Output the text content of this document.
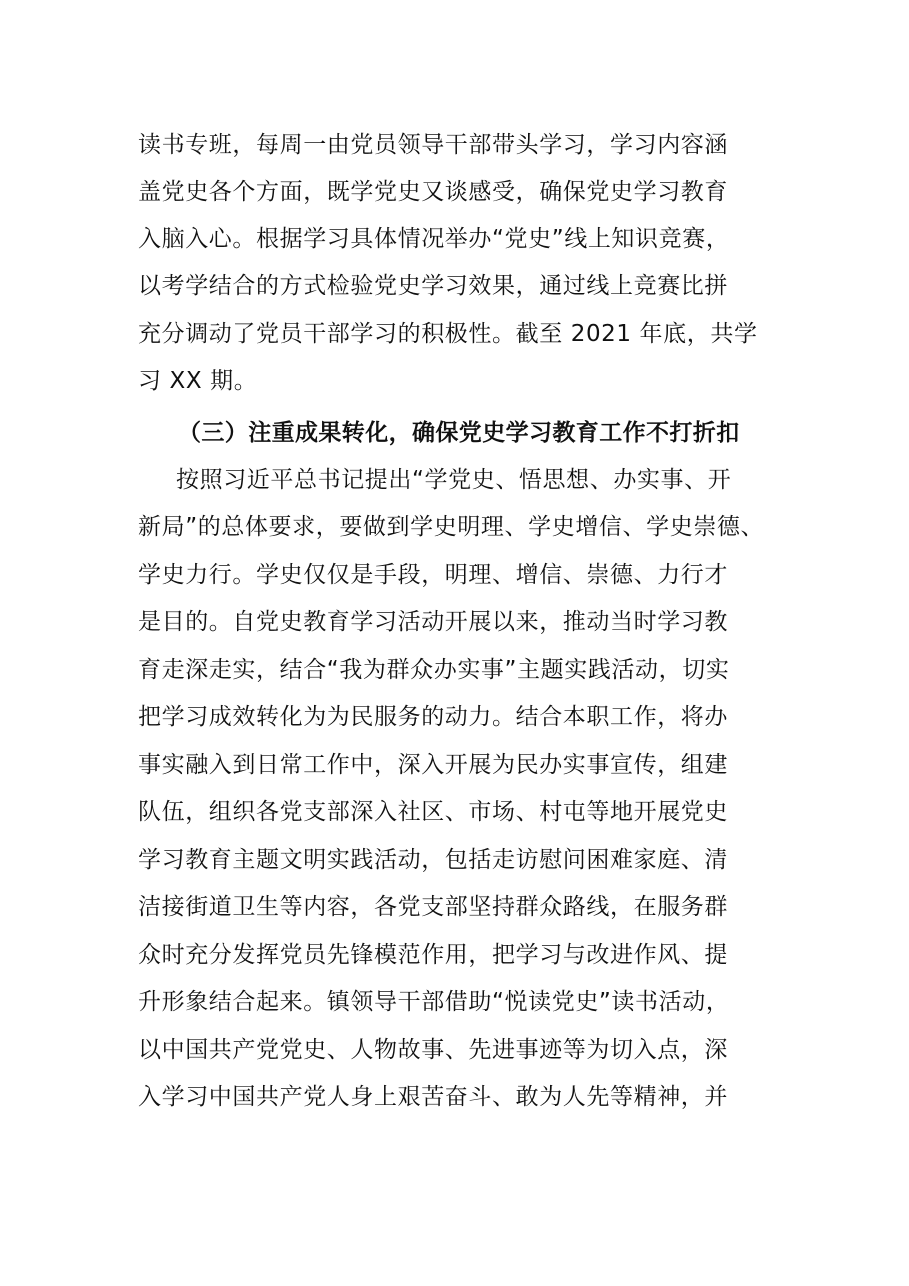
读书专班，每周一由党员领导干部带头学习，学习内容涵
盖党史各个方面，既学党史又谈感受，确保党史学习教育
入脑入心。根据学习具体情况举办“党史”线上知识竞赛，
以考学结合的方式检验党史学习效果，通过线上竞赛比拼
充分调动了党员干部学习的积极性。截至 2021 年底，共学
习 XX 期。
（三）注重成果转化，确保党史学习教育工作不打折扣
按照习近平总书记提出“学党史、悟思想、办实事、开
新局”的总体要求，要做到学史明理、学史增信、学史崇德、
学史力行。学史仅仅是手段，明理、增信、崇德、力行才
是目的。自党史教育学习活动开展以来，推动当时学习教
育走深走实，结合“我为群众办实事”主题实践活动，切实
把学习成效转化为为民服务的动力。结合本职工作，将办
事实融入到日常工作中，深入开展为民办实事宣传，组建
队伍，组织各党支部深入社区、市场、村屯等地开展党史
学习教育主题文明实践活动，包括走访慰问困难家庭、清
洁接街道卫生等内容，各党支部坚持群众路线，在服务群
众时充分发挥党员先锋模范作用，把学习与改进作风、提
升形象结合起来。镇领导干部借助“悦读党史”读书活动，
以中国共产党党史、人物故事、先进事迹等为切入点，深
入学习中国共产党人身上艰苦奋斗、敢为人先等精神，并
